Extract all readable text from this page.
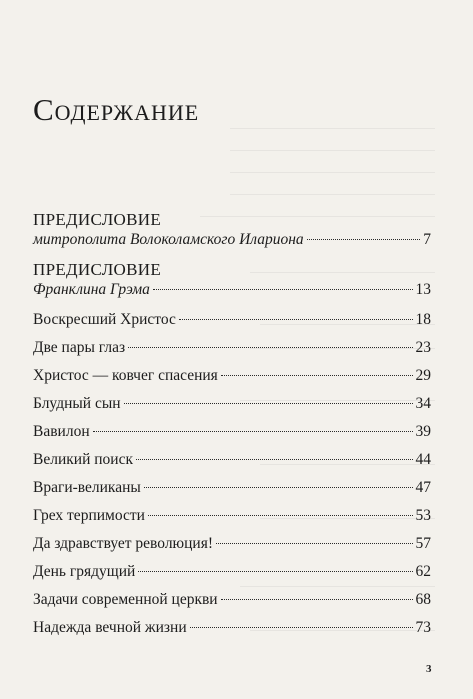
Содержание
ПРЕДИСЛОВИЕ
митрополита Волоколамского Илариона	7
ПРЕДИСЛОВИЕ
Франклина Грэма	13
Воскресший Христос	18
Две пары глаз	23
Христос — ковчег спасения	29
Блудный сын	34
Вавилон	39
Великий поиск	44
Враги-великаны	47
Грех терпимости	53
Да здравствует революция!	57
День грядущий	62
Задачи современной церкви	68
Надежда вечной жизни	73
3
